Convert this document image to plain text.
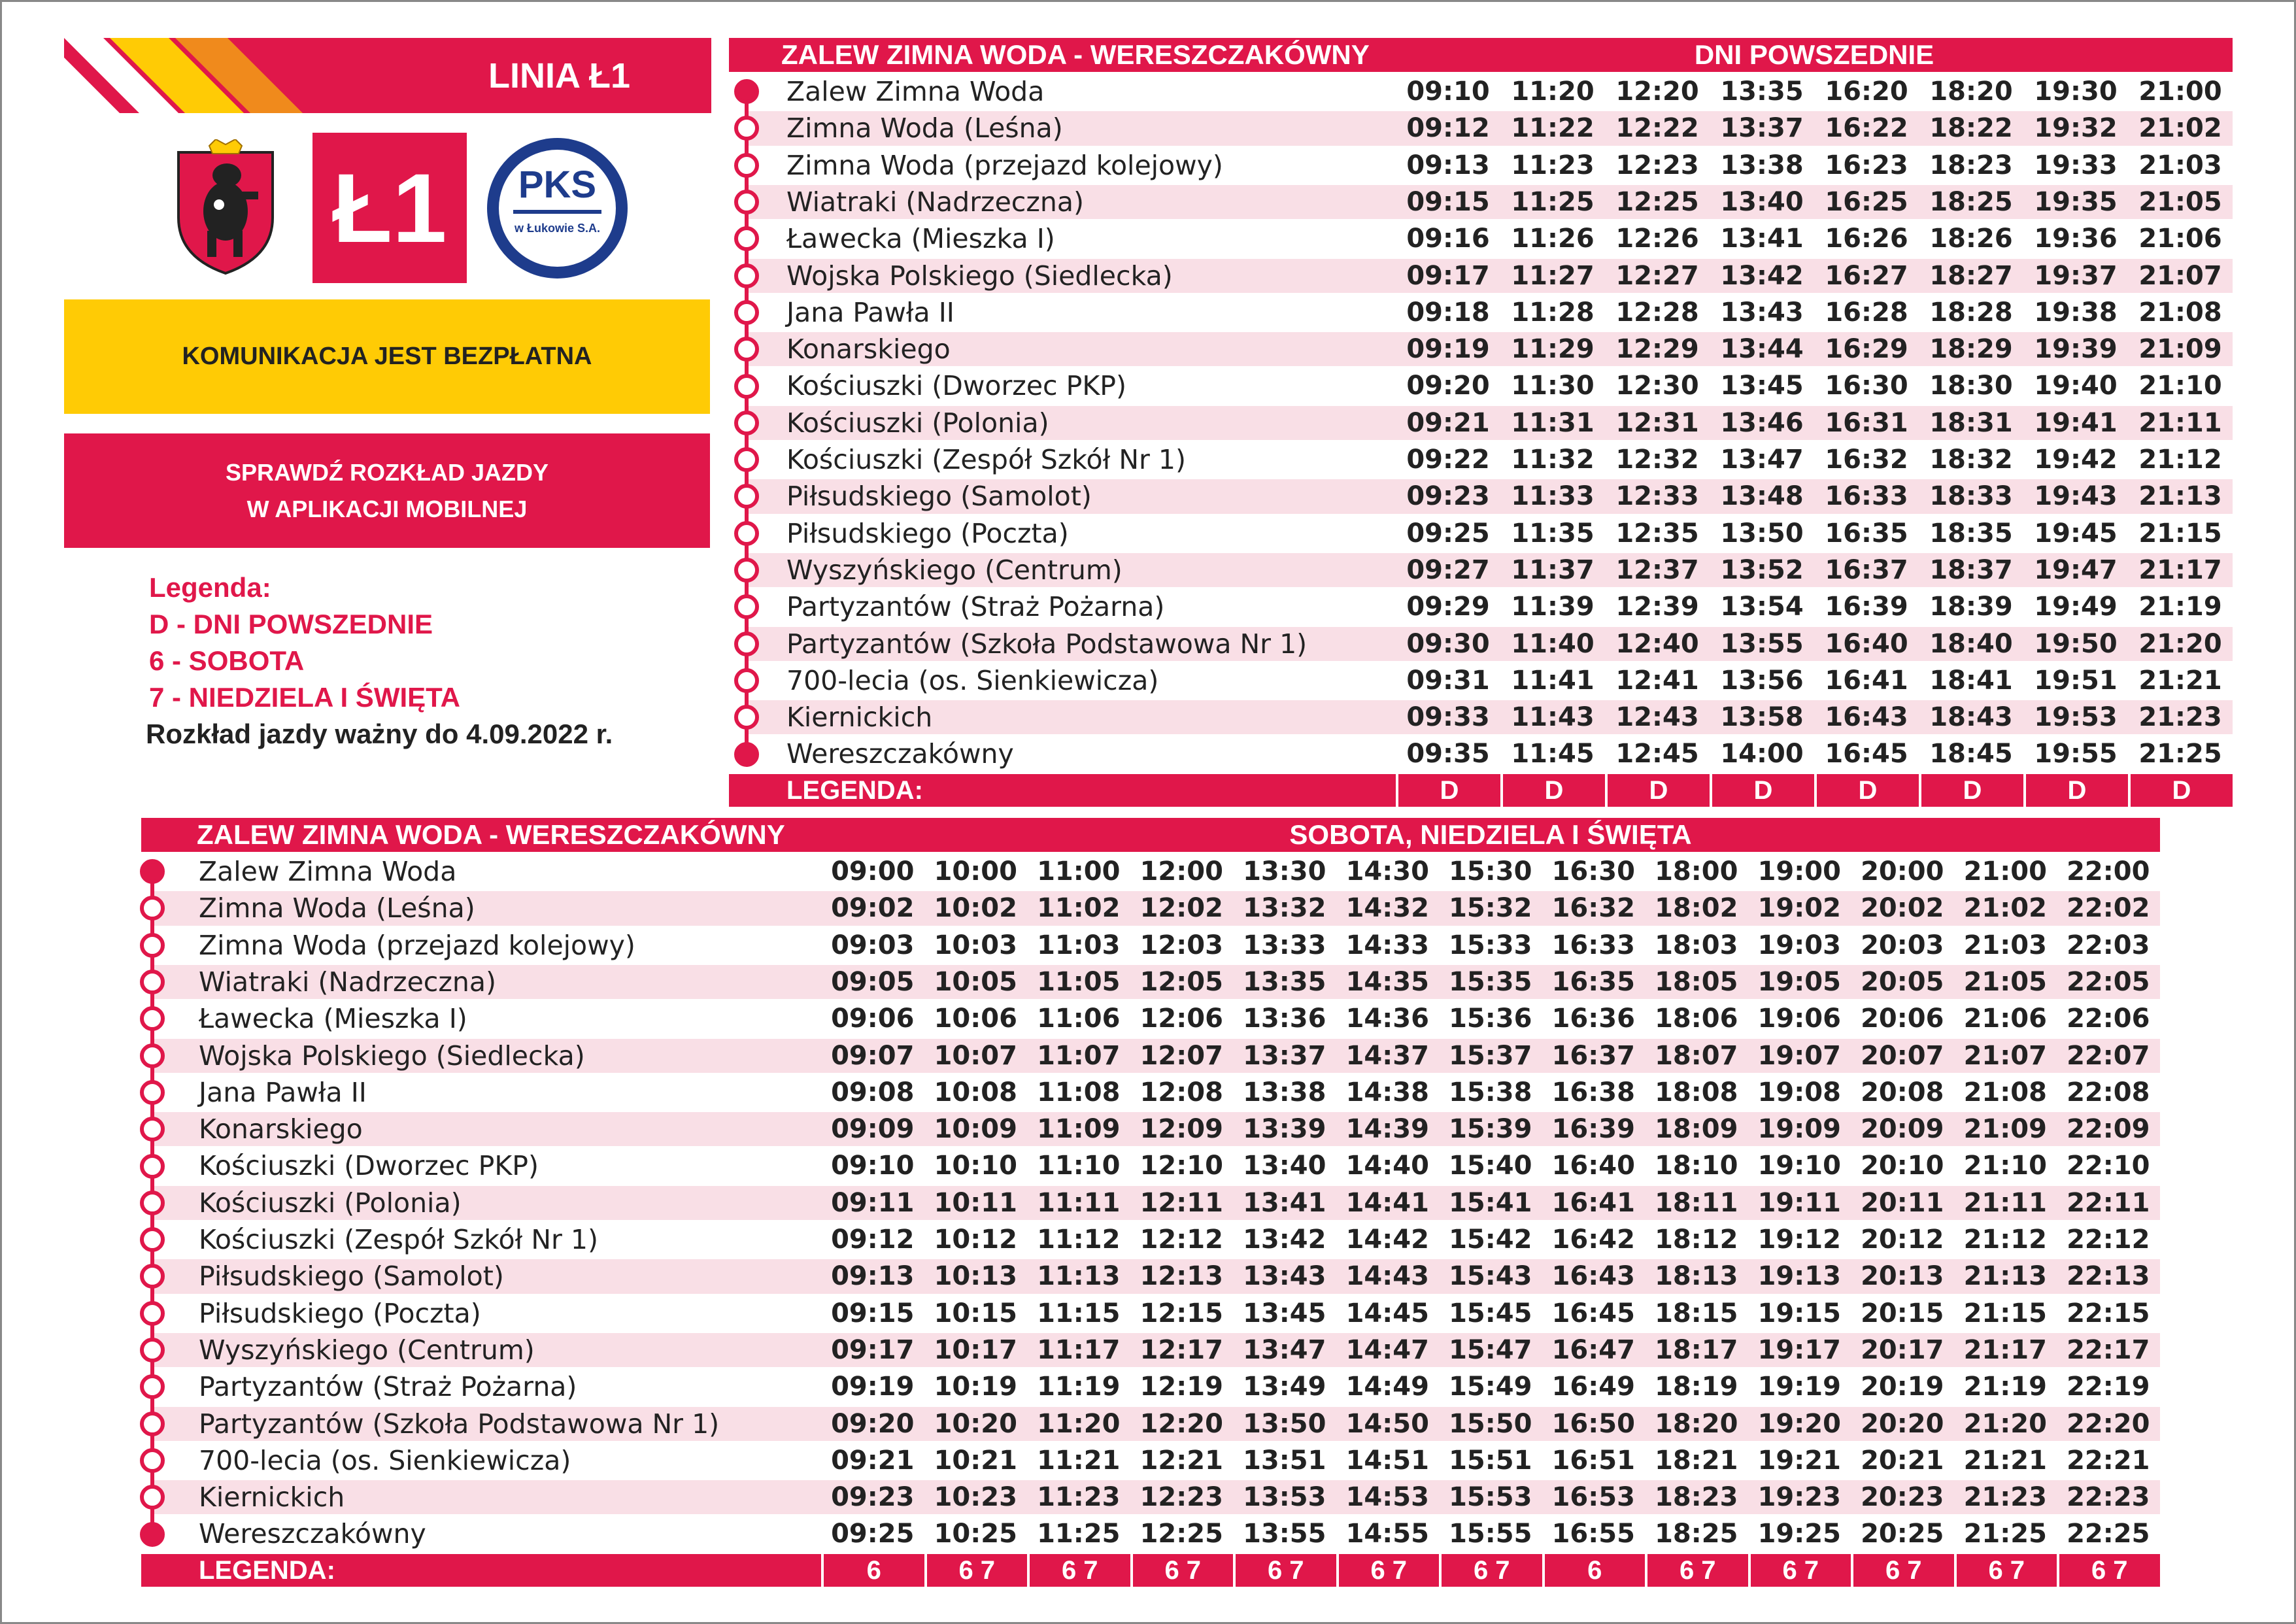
LINIA Ł1
Ł1	PKS
w Łukowie S.A.
KOMUNIKACJA JEST BEZPŁATNA
SPRAWDŹ ROZKŁAD JAZDY
W APLIKACJI MOBILNEJ
Legenda:
D - DNI POWSZEDNIE
6 - SOBOTA
7 - NIEDZIELA I ŚWIĘTA
Rozkład jazdy ważny do 4.09.2022 r.
ZALEW ZIMNA WODA - WERESZCZAKÓWNY	DNI POWSZEDNIE
Zalew Zimna Woda	09:10 11:20 12:20 13:35 16:20 18:20 19:30 21:00
Zimna Woda (Leśna)	09:12 11:22 12:22 13:37 16:22 18:22 19:32 21:02
Zimna Woda (przejazd kolejowy)	09:13 11:23 12:23 13:38 16:23 18:23 19:33 21:03
Wiatraki (Nadrzeczna)	09:15 11:25 12:25 13:40 16:25 18:25 19:35 21:05
Ławecka (Mieszka I)	09:16 11:26 12:26 13:41 16:26 18:26 19:36 21:06
Wojska Polskiego (Siedlecka)	09:17 11:27 12:27 13:42 16:27 18:27 19:37 21:07
Jana Pawła II	09:18 11:28 12:28 13:43 16:28 18:28 19:38 21:08
Konarskiego	09:19 11:29 12:29 13:44 16:29 18:29 19:39 21:09
Kościuszki (Dworzec PKP)	09:20 11:30 12:30 13:45 16:30 18:30 19:40 21:10
Kościuszki (Polonia)	09:21 11:31 12:31 13:46 16:31 18:31 19:41 21:11
Kościuszki (Zespół Szkół Nr 1)	09:22 11:32 12:32 13:47 16:32 18:32 19:42 21:12
Piłsudskiego (Samolot)	09:23 11:33 12:33 13:48 16:33 18:33 19:43 21:13
Piłsudskiego (Poczta)	09:25 11:35 12:35 13:50 16:35 18:35 19:45 21:15
Wyszyńskiego (Centrum)	09:27 11:37 12:37 13:52 16:37 18:37 19:47 21:17
Partyzantów (Straż Pożarna)	09:29 11:39 12:39 13:54 16:39 18:39 19:49 21:19
Partyzantów (Szkoła Podstawowa Nr 1)	09:30 11:40 12:40 13:55 16:40 18:40 19:50 21:20
700-lecia (os. Sienkiewicza)	09:31 11:41 12:41 13:56 16:41 18:41 19:51 21:21
Kiernickich	09:33 11:43 12:43 13:58 16:43 18:43 19:53 21:23
Wereszczakówny	09:35 11:45 12:45 14:00 16:45 18:45 19:55 21:25
LEGENDA:	D	D	D	D	D	D	D	D
ZALEW ZIMNA WODA - WERESZCZAKÓWNY	SOBOTA, NIEDZIELA I ŚWIĘTA
Zalew Zimna Woda	09:00 10:00 11:00 12:00 13:30 14:30 15:30 16:30 18:00 19:00 20:00 21:00 22:00
Zimna Woda (Leśna)	09:02 10:02 11:02 12:02 13:32 14:32 15:32 16:32 18:02 19:02 20:02 21:02 22:02
Zimna Woda (przejazd kolejowy)	09:03 10:03 11:03 12:03 13:33 14:33 15:33 16:33 18:03 19:03 20:03 21:03 22:03
Wiatraki (Nadrzeczna)	09:05 10:05 11:05 12:05 13:35 14:35 15:35 16:35 18:05 19:05 20:05 21:05 22:05
Ławecka (Mieszka I)	09:06 10:06 11:06 12:06 13:36 14:36 15:36 16:36 18:06 19:06 20:06 21:06 22:06
Wojska Polskiego (Siedlecka)	09:07 10:07 11:07 12:07 13:37 14:37 15:37 16:37 18:07 19:07 20:07 21:07 22:07
Jana Pawła II	09:08 10:08 11:08 12:08 13:38 14:38 15:38 16:38 18:08 19:08 20:08 21:08 22:08
Konarskiego	09:09 10:09 11:09 12:09 13:39 14:39 15:39 16:39 18:09 19:09 20:09 21:09 22:09
Kościuszki (Dworzec PKP)	09:10 10:10 11:10 12:10 13:40 14:40 15:40 16:40 18:10 19:10 20:10 21:10 22:10
Kościuszki (Polonia)	09:11 10:11 11:11 12:11 13:41 14:41 15:41 16:41 18:11 19:11 20:11 21:11 22:11
Kościuszki (Zespół Szkół Nr 1)	09:12 10:12 11:12 12:12 13:42 14:42 15:42 16:42 18:12 19:12 20:12 21:12 22:12
Piłsudskiego (Samolot)	09:13 10:13 11:13 12:13 13:43 14:43 15:43 16:43 18:13 19:13 20:13 21:13 22:13
Piłsudskiego (Poczta)	09:15 10:15 11:15 12:15 13:45 14:45 15:45 16:45 18:15 19:15 20:15 21:15 22:15
Wyszyńskiego (Centrum)	09:17 10:17 11:17 12:17 13:47 14:47 15:47 16:47 18:17 19:17 20:17 21:17 22:17
Partyzantów (Straż Pożarna)	09:19 10:19 11:19 12:19 13:49 14:49 15:49 16:49 18:19 19:19 20:19 21:19 22:19
Partyzantów (Szkoła Podstawowa Nr 1)	09:20 10:20 11:20 12:20 13:50 14:50 15:50 16:50 18:20 19:20 20:20 21:20 22:20
700-lecia (os. Sienkiewicza)	09:21 10:21 11:21 12:21 13:51 14:51 15:51 16:51 18:21 19:21 20:21 21:21 22:21
Kiernickich	09:23 10:23 11:23 12:23 13:53 14:53 15:53 16:53 18:23 19:23 20:23 21:23 22:23
Wereszczakówny	09:25 10:25 11:25 12:25 13:55 14:55 15:55 16:55 18:25 19:25 20:25 21:25 22:25
LEGENDA:	6	6 7	6 7	6 7	6 7	6 7	6 7	6	6 7	6 7	6 7	6 7	6 7
